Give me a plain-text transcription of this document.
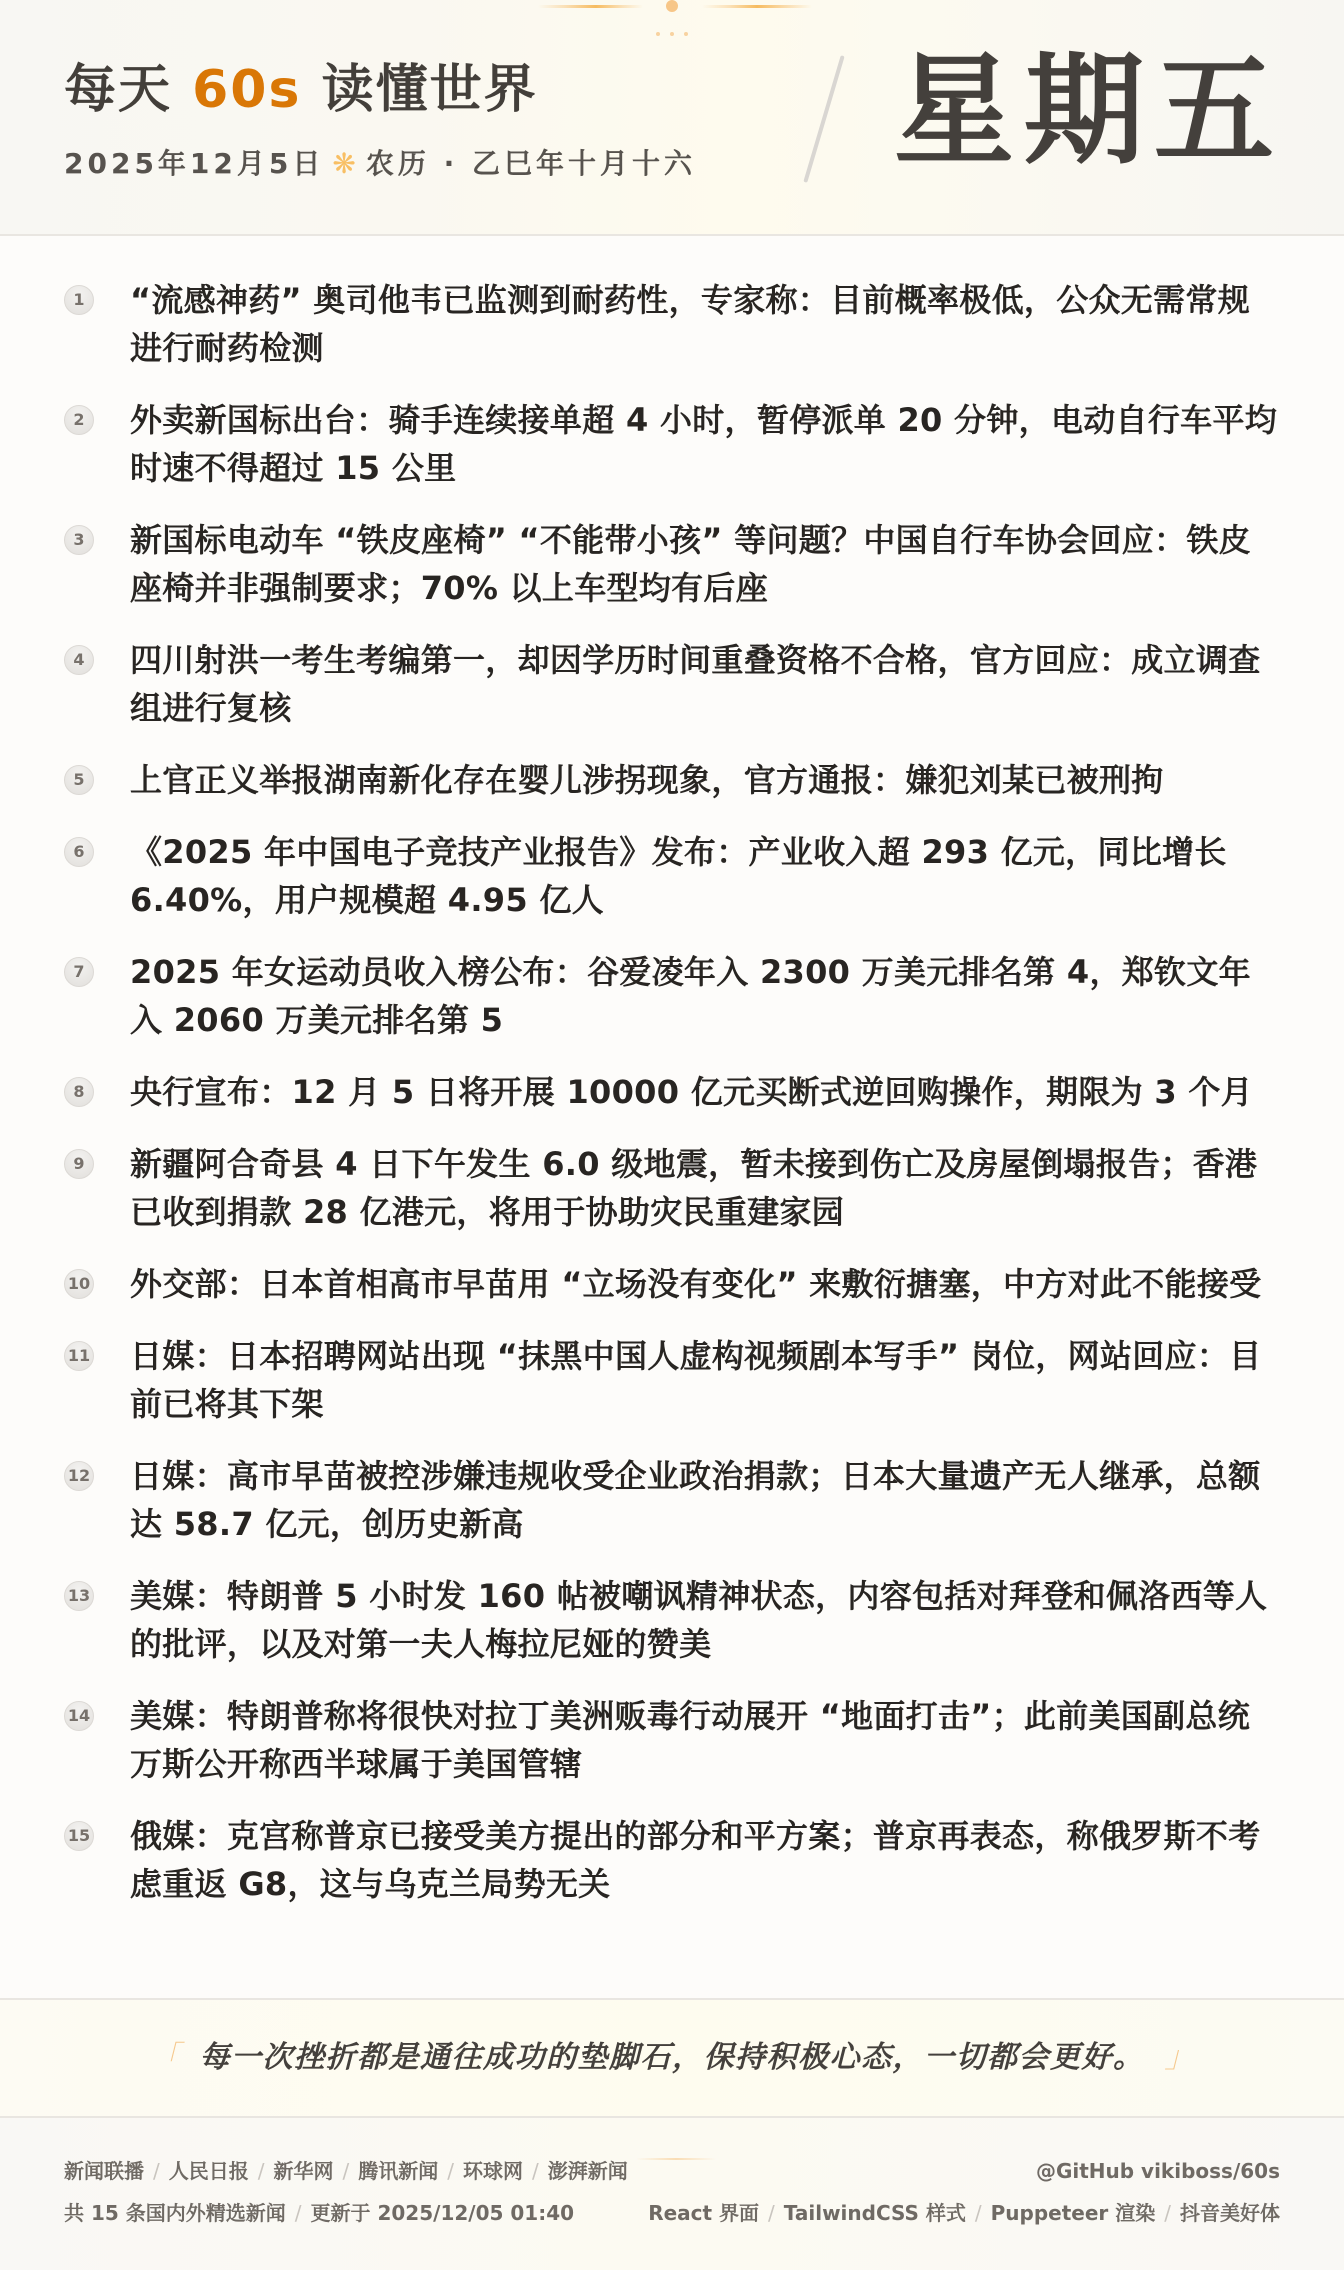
每天 60s 读懂世界
2025年12月5日 ❋ 农历 · 乙巳年十月十六 星期五
1 “流感神药” 奥司他韦已监测到耐药性，专家称：目前概率极低，公众无需常规进行耐药检测

2 外卖新国标出台：骑手连续接单超 4 小时，暂停派单 20 分钟，电动自行车平均时速不得超过 15 公里

3 新国标电动车 “铁皮座椅” “不能带小孩” 等问题？中国自行车协会回应：铁皮座椅并非强制要求；70% 以上车型均有后座

4 四川射洪一考生考编第一，却因学历时间重叠资格不合格，官方回应：成立调查组进行复核

5 上官正义举报湖南新化存在婴儿涉拐现象，官方通报：嫌犯刘某已被刑拘

6 《2025 年中国电子竞技产业报告》发布：产业收入超 293 亿元，同比增长 6.40%，用户规模超 4.95 亿人

7 2025 年女运动员收入榜公布：谷爱凌年入 2300 万美元排名第 4，郑钦文年入 2060 万美元排名第 5

8 央行宣布：12 月 5 日将开展 10000 亿元买断式逆回购操作，期限为 3 个月

9 新疆阿合奇县 4 日下午发生 6.0 级地震，暂未接到伤亡及房屋倒塌报告；香港已收到捐款 28 亿港元，将用于协助灾民重建家园

10 外交部：日本首相高市早苗用 “立场没有变化” 来敷衍搪塞，中方对此不能接受

11 日媒：日本招聘网站出现 “抹黑中国人虚构视频剧本写手” 岗位，网站回应：目前已将其下架

12 日媒：高市早苗被控涉嫌违规收受企业政治捐款；日本大量遗产无人继承，总额达 58.7 亿元，创历史新高

13 美媒：特朗普 5 小时发 160 帖被嘲讽精神状态，内容包括对拜登和佩洛西等人的批评，以及对第一夫人梅拉尼娅的赞美

14 美媒：特朗普称将很快对拉丁美洲贩毒行动展开 “地面打击”；此前美国副总统万斯公开称西半球属于美国管辖

15 俄媒：克宫称普京已接受美方提出的部分和平方案；普京再表态，称俄罗斯不考虑重返 G8，这与乌克兰局势无关

「 每一次挫折都是通往成功的垫脚石，保持积极心态，一切都会更好。 」
新闻联播 / 人民日报 / 新华网 / 腾讯新闻 / 环球网 / 澎湃新闻	@GitHub vikiboss/60s
共 15 条国内外精选新闻 / 更新于 2025/12/05 01:40	React 界面 / TailwindCSS 样式 / Puppeteer 渲染 / 抖音美好体
